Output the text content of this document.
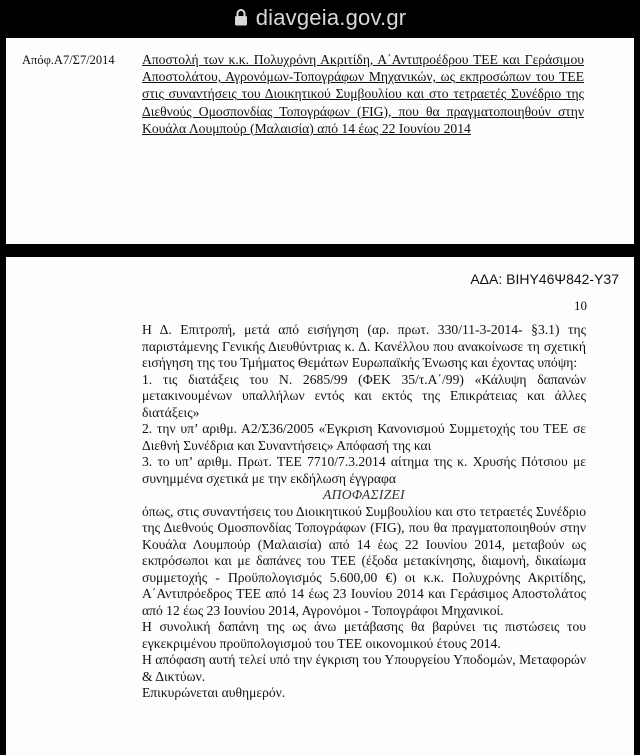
diavgeia.gov.gr
Απόφ.Α7/Σ7/2014 Αποστολή των κ.κ. Πολυχρόνη Ακριτίδη, Α΄Αντιπροέδρου ΤΕΕ και Γεράσιμου Αποστολάτου, Αγρονόμων-Τοπογράφων Μηχανικών, ως εκπροσώπων του ΤΕΕ στις συναντήσεις του Διοικητικού Συμβουλίου και στο τετραετές Συνέδριο της Διεθνούς Ομοσπονδίας Τοπογράφων (FIG), που θα πραγματοποιηθούν στην Κουάλα Λουμπούρ (Μαλαισία) από 14 έως 22 Ιουνίου 2014
ΑΔΑ: ΒΙΗΥ46Ψ842-Υ37
10

Η Δ. Επιτροπή, μετά από εισήγηση (αρ. πρωτ. 330/11-3-2014- §3.1) της παριστάμενης Γενικής Διευθύντριας κ. Δ. Κανέλλου που ανακοίνωσε τη σχετική εισήγηση της του Τμήματος Θεμάτων Ευρωπαϊκής Ένωσης και έχοντας υπόψη:

1. τις διατάξεις του Ν. 2685/99 (ΦΕΚ 35/τ.Α΄/99) «Κάλυψη δαπανών μετακινουμένων υπαλλήλων εντός και εκτός της Επικράτειας και άλλες διατάξεις»

2. την υπ’ αριθμ. Α2/Σ36/2005 «Έγκριση Κανονισμού Συμμετοχής του ΤΕΕ σε Διεθνή Συνέδρια και Συναντήσεις» Απόφασή της και

3. το υπ’ αριθμ. Πρωτ. ΤΕΕ 7710/7.3.2014 αίτημα της κ. Χρυσής Πότσιου με συνημμένα σχετικά με την εκδήλωση έγγραφα

ΑΠΟΦΑΣΙΖΕΙ

όπως, στις συναντήσεις του Διοικητικού Συμβουλίου και στο τετραετές Συνέδριο της Διεθνούς Ομοσπονδίας Τοπογράφων (FIG), που θα πραγματοποιηθούν στην Κουάλα Λουμπούρ (Μαλαισία) από 14 έως 22 Ιουνίου 2014, μεταβούν ως εκπρόσωποι και με δαπάνες του ΤΕΕ (έξοδα μετακίνησης, διαμονή, δικαίωμα συμμετοχής - Προϋπολογισμός 5.600,00 €) οι κ.κ. Πολυχρόνης Ακριτίδης, Α΄Αντιπρόεδρος ΤΕΕ από 14 έως 23 Ιουνίου 2014 και Γεράσιμος Αποστολάτος από 12 έως 23 Ιουνίου 2014, Αγρονόμοι - Τοπογράφοι Μηχανικοί.

Η συνολική δαπάνη της ως άνω μετάβασης θα βαρύνει τις πιστώσεις του εγκεκριμένου προϋπολογισμού του ΤΕΕ οικονομικού έτους 2014.

Η απόφαση αυτή τελεί υπό την έγκριση του Υπουργείου Υποδομών, Μεταφορών & Δικτύων.

Επικυρώνεται αυθημερόν.
